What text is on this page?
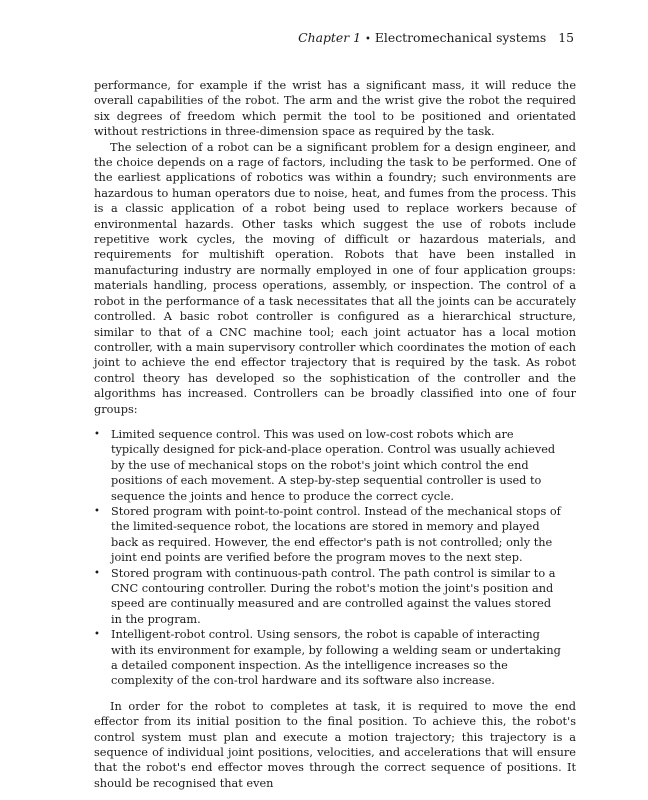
Chapter 1 • Electromechanical systems 15

performance, for example if the wrist has a significant mass, it will reduce the overall capabilities of the robot. The arm and the wrist give the robot the required six degrees of freedom which permit the tool to be positioned and orientated without restrictions in three-dimension space as required by the task.

The selection of a robot can be a significant problem for a design engineer, and the choice depends on a rage of factors, including the task to be performed. One of the earliest applications of robotics was within a foundry; such environments are hazardous to human operators due to noise, heat, and fumes from the process. This is a classic application of a robot being used to replace workers because of environmental hazards. Other tasks which suggest the use of robots include repetitive work cycles, the moving of difficult or hazardous materials, and requirements for multishift operation. Robots that have been installed in manufacturing industry are normally employed in one of four application groups: materials handling, process operations, assembly, or inspection. The control of a robot in the performance of a task necessitates that all the joints can be accurately controlled. A basic robot controller is configured as a hierarchical structure, similar to that of a CNC machine tool; each joint actuator has a local motion controller, with a main supervisory controller which coordinates the motion of each joint to achieve the end effector trajectory that is required by the task. As robot control theory has developed so the sophistication of the controller and the algorithms has increased. Controllers can be broadly classified into one of four groups:

• Limited sequence control. This was used on low-cost robots which are typically designed for pick-and-place operation. Control was usually achieved by the use of mechanical stops on the robot's joint which control the end positions of each movement. A step-by-step sequential controller is used to sequence the joints and hence to produce the correct cycle.
• Stored program with point-to-point control. Instead of the mechanical stops of the limited-sequence robot, the locations are stored in memory and played back as required. However, the end effector's path is not controlled; only the joint end points are verified before the program moves to the next step.
• Stored program with continuous-path control. The path control is similar to a CNC contouring controller. During the robot's motion the joint's position and speed are continually measured and are controlled against the values stored in the program.
• Intelligent-robot control. Using sensors, the robot is capable of interacting with its environment for example, by following a welding seam or undertaking a detailed component inspection. As the intelligence increases so the complexity of the con-trol hardware and its software also increase.

In order for the robot to completes at task, it is required to move the end effector from its initial position to the final position. To achieve this, the robot's control system must plan and execute a motion trajectory; this trajectory is a sequence of individual joint positions, velocities, and accelerations that will ensure that the robot's end effector moves through the correct sequence of positions. It should be recognised that even
